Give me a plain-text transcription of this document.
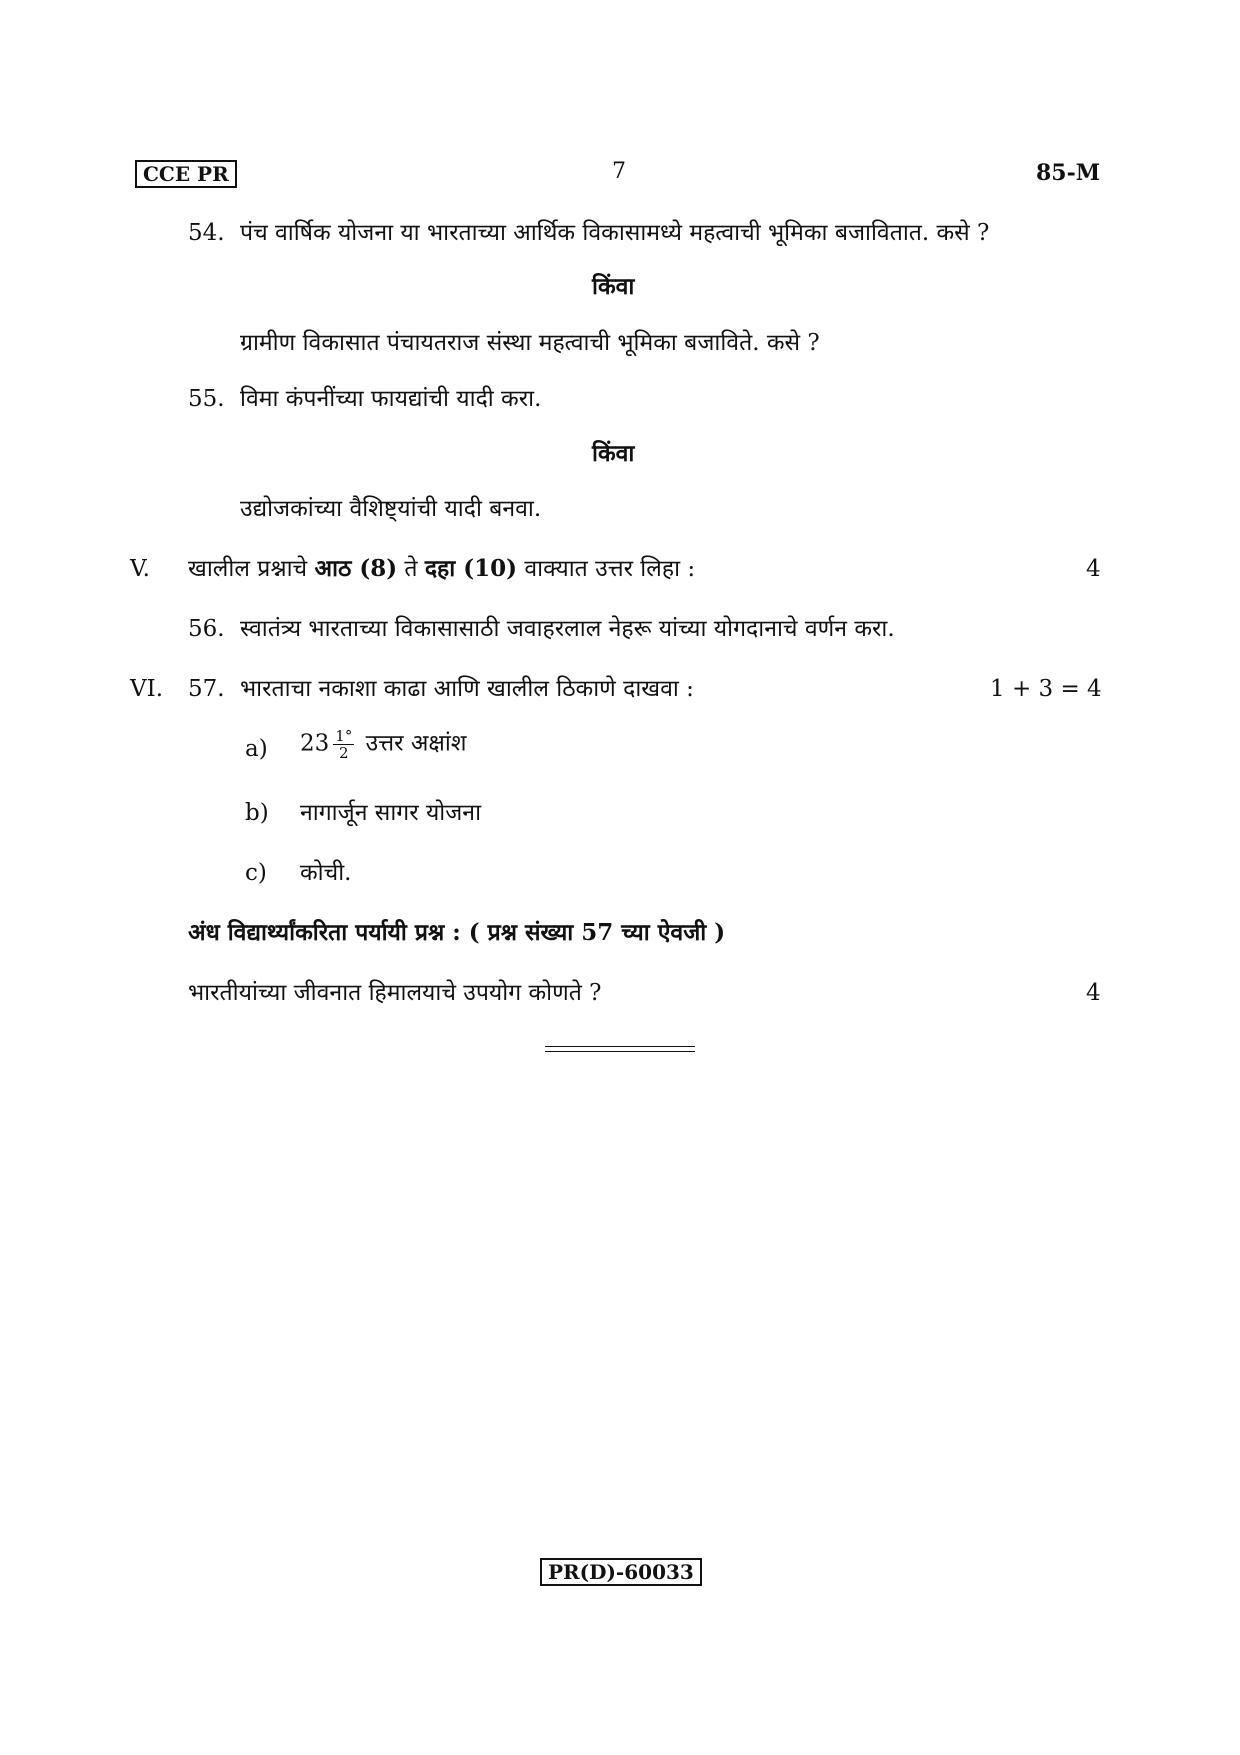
CCE PR	7	85-M
54. पंच वार्षिक योजना या भारताच्या आर्थिक विकासामध्ये महत्वाची भूमिका बजावितात. कसे ?
किंवा
ग्रामीण विकासात पंचायतराज संस्था महत्वाची भूमिका बजाविते. कसे ?
55. विमा कंपनींच्या फायद्यांची यादी करा.
किंवा
उद्योजकांच्या वैशिष्ट्यांची यादी बनवा.
V. खालील प्रश्नाचे आठ (8) ते दहा (10) वाक्यात उत्तर लिहा :	4
56. स्वातंत्र्य भारताच्या विकासासाठी जवाहरलाल नेहरू यांच्या योगदानाचे वर्णन करा.
VI. 57. भारताचा नकाशा काढा आणि खालील ठिकाणे दाखवा :	1 + 3 = 4
a) $23 \frac{1^\circ}{2}$ उत्तर अक्षांश
b) नागार्जून सागर योजना
c) कोची.
अंध विद्यार्थ्यांकरिता पर्यायी प्रश्न : ( प्रश्न संख्या 57 च्या ऐवजी )
भारतीयांच्या जीवनात हिमालयाचे उपयोग कोणते ?	4
PR(D)-60033
